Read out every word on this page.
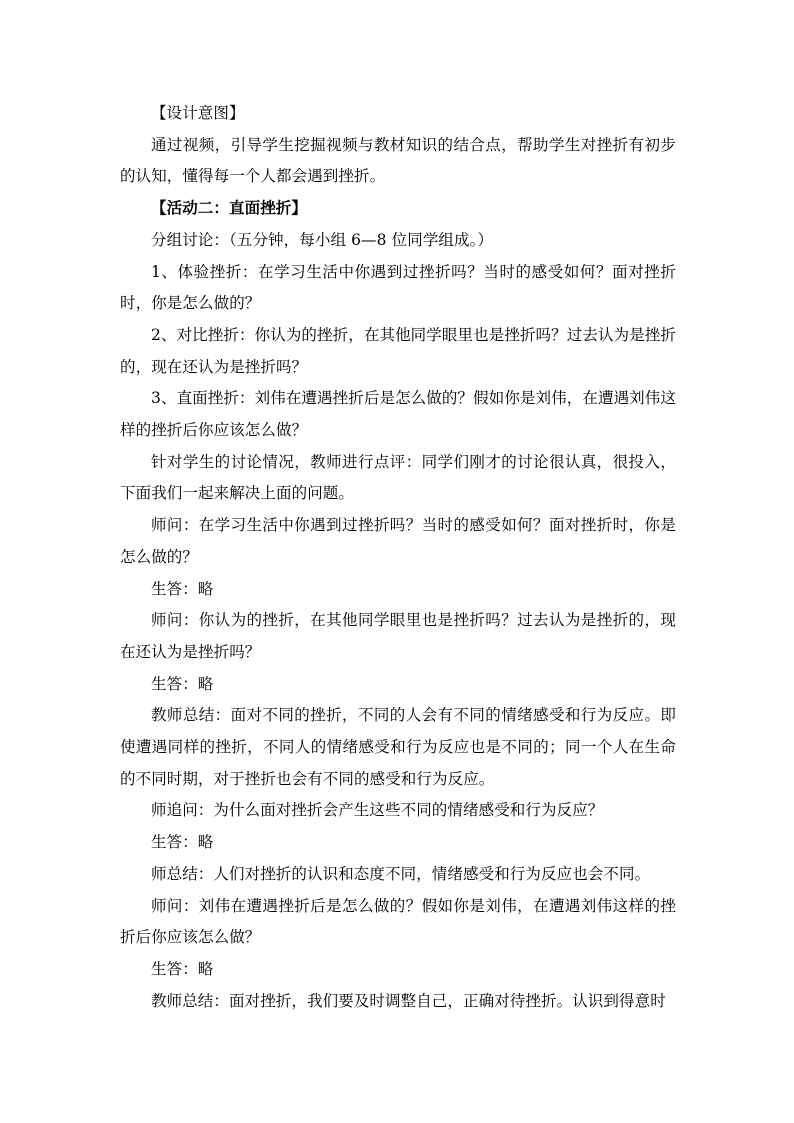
【设计意图】

通过视频，引导学生挖掘视频与教材知识的结合点，帮助学生对挫折有初步的认知，懂得每一个人都会遇到挫折。

【活动二：直面挫折】

分组讨论：（五分钟，每小组 6—8 位同学组成。）

1、体验挫折：在学习生活中你遇到过挫折吗？当时的感受如何？面对挫折时，你是怎么做的？

2、对比挫折：你认为的挫折，在其他同学眼里也是挫折吗？过去认为是挫折的，现在还认为是挫折吗？

3、直面挫折：刘伟在遭遇挫折后是怎么做的？假如你是刘伟，在遭遇刘伟这样的挫折后你应该怎么做？

针对学生的讨论情况，教师进行点评：同学们刚才的讨论很认真，很投入，下面我们一起来解决上面的问题。

师问：在学习生活中你遇到过挫折吗？当时的感受如何？面对挫折时，你是怎么做的？

生答：略

师问：你认为的挫折，在其他同学眼里也是挫折吗？过去认为是挫折的，现在还认为是挫折吗？

生答：略

教师总结：面对不同的挫折，不同的人会有不同的情绪感受和行为反应。即使遭遇同样的挫折，不同人的情绪感受和行为反应也是不同的；同一个人在生命的不同时期，对于挫折也会有不同的感受和行为反应。

师追问：为什么面对挫折会产生这些不同的情绪感受和行为反应？

生答：略

师总结：人们对挫折的认识和态度不同，情绪感受和行为反应也会不同。

师问：刘伟在遭遇挫折后是怎么做的？假如你是刘伟，在遭遇刘伟这样的挫折后你应该怎么做？

生答：略

教师总结：面对挫折，我们要及时调整自己，正确对待挫折。认识到得意时
